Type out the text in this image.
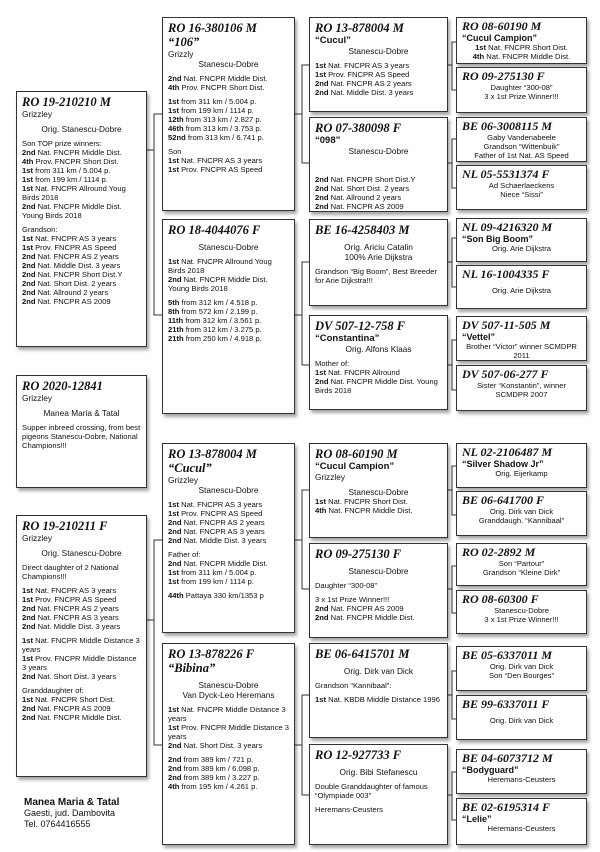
RO 19-210210 M
Grizzley
Orig. Stanescu-Dobre
Son TOP prize winners:
2nd Nat. FNCPR Middle Dist.
4th Prov. FNCPR Short Dist.
1st from 311 km / 5.004 p.
1st from 199 km / 1114 p.
1st Nat. FNCPR Allround Youg Birds 2018
2nd Nat. FNCPR Middle Dist. Young Birds 2018
Grandson:
1st Nat. FNCPR AS 3 years
1st Prov. FNCPR AS Speed
2nd Nat. FNCPR AS 2 years
2nd Nat. Middle Dist. 3 years
2nd Nat. FNCPR Short Dist.Y
2nd Nat. Short Dist. 2 years
2nd Nat. Allround 2 years
2nd Nat. FNCPR AS 2009
RO 2020-12841
Grizzley
Manea Maria & Tatal
Supper inbreed crossing, from best pigeons Stanescu-Dobre, National Champions!!!
RO 19-210211 F
Grizzley
Orig. Stanescu-Dobre
Direct daughter of 2 National Champions!!!
1st Nat. FNCPR AS 3 years
1st Prov. FNCPR AS Speed
2nd Nat. FNCPR AS 2 years
2nd Nat. FNCPR AS 3 years
2nd Nat. Middle Dist. 3 years
1st Nat. FNCPR Middle Distance 3 years
1st Prov. FNCPR Middle Distance 3 years
2nd Nat. Short Dist. 3 years
Granddaughter of:
1st Nat. FNCPR Short Dist.
2nd Nat. FNCPR AS 2009
2nd Nat. FNCPR Middle Dist.
RO 16-380106 M
“106”
Grizzly
Stanescu-Dobre
2nd Nat. FNCPR Middle Dist.
4th Prov. FNCPR Short Dist.
1st from 311 km / 5.004 p.
1st from 199 km / 1114 p.
12th from 313 km / 2.827 p.
46th from 313 km / 3.753 p.
52nd from 313 km / 6.741 p.
Son
1st Nat. FNCPR AS 3 years
1st Prov. FNCPR AS Speed
RO 18-4044076 F
Stanescu-Dobre
1st Nat. FNCPR Allround Youg Birds 2018
2nd Nat. FNCPR Middle Dist. Young Birds 2018
5th from 312 km / 4.518 p.
8th from 572 km / 2.199 p.
11th from 312 km / 3.561 p.
21th from 312 km / 3.275 p.
21th from 250 km / 4.918 p.
RO 13-878004 M
“Cucul”
Grizzley
Stanescu-Dobre
1st Nat. FNCPR AS 3 years
1st Prov. FNCPR AS Speed
2nd Nat. FNCPR AS 2 years
2nd Nat. FNCPR AS 3 years
2nd Nat. Middle Dist. 3 years
Father of:
2nd Nat. FNCPR Middle Dist.
1st from 311 km / 5.004 p.
1st from 199 km / 1114 p.
44th Pattaya 330 km/1353 p
RO 13-878226 F
“Bibina”
Stanescu-Dobre
Van Dyck-Leo Heremans
1st Nat. FNCPR Middle Distance 3 years
1st Prov. FNCPR Middle Distance 3 years
2nd Nat. Short Dist. 3 years
2nd from 389 km / 721 p.
2nd from 389 km / 6.098 p.
2nd from 389 km / 3.227 p.
4th from 195 km / 4.261 p.
RO 13-878004 M
“Cucul”
Stanescu-Dobre
1st Nat. FNCPR AS 3 years
1st Prov. FNCPR AS Speed
2nd Nat. FNCPR AS 2 years
2nd Nat. Middle Dist. 3 years
RO 07-380098 F
“098”
Stanescu-Dobre
2nd Nat. FNCPR Short Dist.Y
2nd Nat. Short Dist. 2 years
2nd Nat. Allround 2 years
2nd Nat. FNCPR AS 2009
BE 16-4258403 M
Orig. Ariciu Catalin
100% Arie Dijkstra
Grandson “Big Boom”, Best Breeder for Arie Dijkstra!!!
DV 507-12-758 F
“Constantina”
Orig. Alfons Klaas
Mother of:
1st Nat. FNCPR Allround
2nd Nat. FNCPR Middle Dist. Young Birds 2018
RO 08-60190 M
“Cucul Campion”
Grizzley
Stanescu-Dobre
1st Nat. FNCPR Short Dist.
4th Nat. FNCPR Middle Dist.
RO 09-275130 F
Stanescu-Dobre
Daughter “300-08”
3 x 1st Prize Winner!!!
2nd Nat. FNCPR AS 2009
2nd Nat. FNCPR Middle Dist.
BE 06-6415701 M
Orig. Dirk van Dick
Grandson “Kannibaal”:
1st Nat. KBDB Middle Distance 1996
RO 12-927733 F
Orig. Bibi Stefanescu
Double Granddaughter of famous “Olympiade 003”
Heremans-Ceusters
RO 08-60190 M
“Cucul Campion”
1st Nat. FNCPR Short Dist.
4th Nat. FNCPR Middle Dist.
RO 09-275130 F
Daughter “300-08”
3 x 1st Prize Winner!!!
BE 06-3008115 M
Gaby Vandenabeele
Grandson “Wittenbuik”
Father of 1st Nat. AS Speed
NL 05-5531374 F
Ad Schaerlaeckens
Niece “Sissi”
NL 09-4216320 M
“Son Big Boom”
Orig. Arie Dijkstra
NL 16-1004335 F
Orig. Arie Dijkstra
DV 507-11-505 M
“Vettel”
Brother “Victor” winner SCMDPR 2011
DV 507-06-277 F
Sister “Konstantin”, winner SCMDPR 2007
NL 02-2106487 M
“Silver Shadow Jr”
Orig. Eijerkamp
BE 06-641700 F
Orig. Dirk van Dick
Granddaugh. “Kannibaal”
RO 02-2892 M
Son “Partour”
Grandson “Kleine Dirk”
RO 08-60300 F
Stanescu-Dobre
3 x 1st Prize Winner!!!
BE 05-6337011 M
Orig. Dirk van Dick
Son “Den Bourges”
BE 99-6337011 F
Orig. Dirk van Dick
BE 04-6073712 M
“Bodyguard”
Heremans-Ceusters
BE 02-6195314 F
“Lelie”
Heremans-Ceusters
Manea Maria & Tatal
Gaesti, jud. Dambovita
Tel. 0764416555
